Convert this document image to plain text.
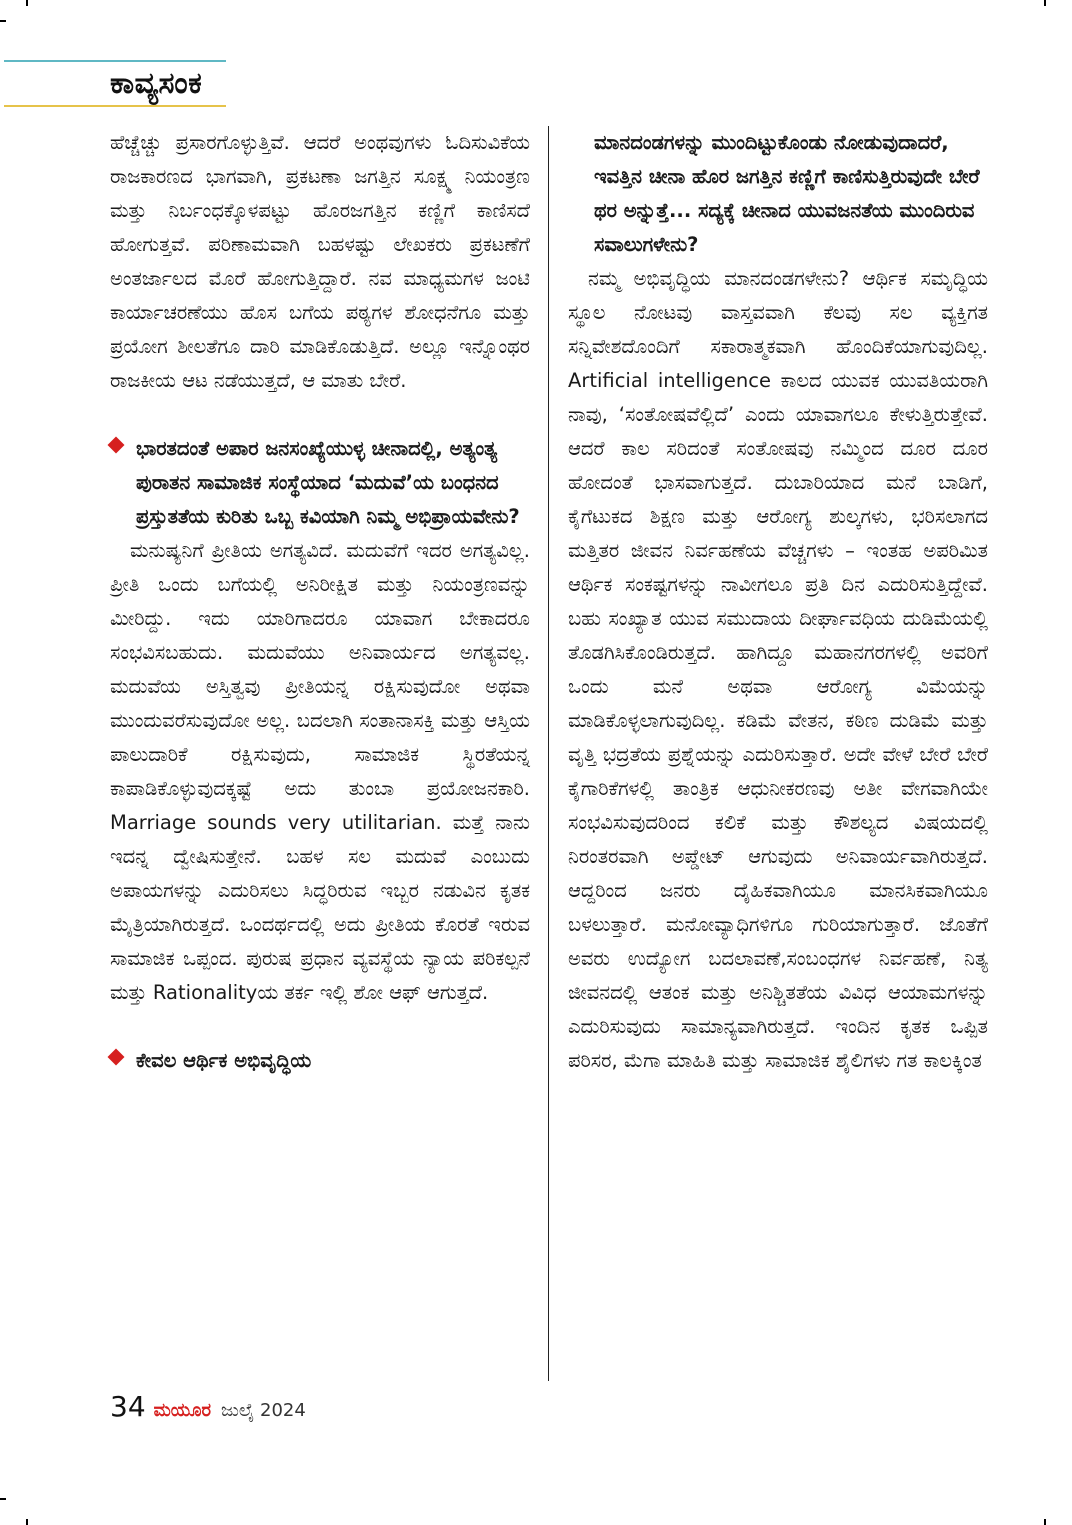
ಕಾವ್ಯಸಂಕ

ಹೆಚ್ಚೆಚ್ಚು ಪ್ರಸಾರಗೊಳ್ಳುತ್ತಿವೆ. ಆದರೆ ಅಂಥವುಗಳು ಓದಿಸುವಿಕೆಯ ರಾಜಕಾರಣದ ಭಾಗವಾಗಿ, ಪ್ರಕಟಣಾ ಜಗತ್ತಿನ ಸೂಕ್ಷ್ಮ ನಿಯಂತ್ರಣ ಮತ್ತು ನಿರ್ಬಂಧಕ್ಕೊಳಪಟ್ಟು ಹೊರಜಗತ್ತಿನ ಕಣ್ಣಿಗೆ ಕಾಣಿಸದೆ ಹೋಗುತ್ತವೆ. ಪರಿಣಾಮವಾಗಿ ಬಹಳಷ್ಟು ಲೇಖಕರು ಪ್ರಕಟಣೆಗೆ ಅಂತರ್ಜಾಲದ ಮೊರೆ ಹೋಗುತ್ತಿದ್ದಾರೆ. ನವ ಮಾಧ್ಯಮಗಳ ಜಂಟಿ ಕಾರ್ಯಾಚರಣೆಯು ಹೊಸ ಬಗೆಯ ಪಠ್ಯಗಳ ಶೋಧನೆಗೂ ಮತ್ತು ಪ್ರಯೋಗ ಶೀಲತೆಗೂ ದಾರಿ ಮಾಡಿಕೊಡುತ್ತಿದೆ. ಅಲ್ಲೂ ಇನ್ನೊಂಥರ ರಾಜಕೀಯ ಆಟ ನಡೆಯುತ್ತದೆ, ಆ ಮಾತು ಬೇರೆ.

ಭಾರತದಂತೆ ಅಪಾರ ಜನಸಂಖ್ಯೆಯುಳ್ಳ ಚೀನಾದಲ್ಲಿ, ಅತ್ಯಂತ್ಯ ಪುರಾತನ ಸಾಮಾಜಿಕ ಸಂಸ್ಥೆಯಾದ ‘ಮದುವೆ’ಯ ಬಂಧನದ ಪ್ರಸ್ತುತತೆಯ ಕುರಿತು ಒಬ್ಬ ಕವಿಯಾಗಿ ನಿಮ್ಮ ಅಭಿಪ್ರಾಯವೇನು?

ಮನುಷ್ಯನಿಗೆ ಪ್ರೀತಿಯ ಅಗತ್ಯವಿದೆ. ಮದುವೆಗೆ ಇದರ ಅಗತ್ಯವಿಲ್ಲ. ಪ್ರೀತಿ ಒಂದು ಬಗೆಯಲ್ಲಿ ಅನಿರೀಕ್ಷಿತ ಮತ್ತು ನಿಯಂತ್ರಣವನ್ನು ಮೀರಿದ್ದು. ಇದು ಯಾರಿಗಾದರೂ ಯಾವಾಗ ಬೇಕಾದರೂ ಸಂಭವಿಸಬಹುದು. ಮದುವೆಯು ಅನಿವಾರ್ಯದ ಅಗತ್ಯವಲ್ಲ. ಮದುವೆಯ ಅಸ್ತಿತ್ವವು ಪ್ರೀತಿಯನ್ನ ರಕ್ಷಿಸುವುದೋ ಅಥವಾ ಮುಂದುವರೆಸುವುದೋ ಅಲ್ಲ. ಬದಲಾಗಿ ಸಂತಾನಾಸಕ್ತಿ ಮತ್ತು ಆಸ್ತಿಯ ಪಾಲುದಾರಿಕೆ ರಕ್ಷಿಸುವುದು, ಸಾಮಾಜಿಕ ಸ್ಥಿರತೆಯನ್ನ ಕಾಪಾಡಿಕೊಳ್ಳುವುದಕ್ಕಷ್ಟೆ ಅದು ತುಂಬಾ ಪ್ರಯೋಜನಕಾರಿ. Marriage sounds very utilitarian. ಮತ್ತೆ ನಾನು ಇದನ್ನ ದ್ವೇಷಿಸುತ್ತೇನೆ. ಬಹಳ ಸಲ ಮದುವೆ ಎಂಬುದು ಅಪಾಯಗಳನ್ನು ಎದುರಿಸಲು ಸಿದ್ಧರಿರುವ ಇಬ್ಬರ ನಡುವಿನ ಕೃತಕ ಮೈತ್ರಿಯಾಗಿರುತ್ತದೆ. ಒಂದರ್ಥದಲ್ಲಿ ಅದು ಪ್ರೀತಿಯ ಕೊರತೆ ಇರುವ ಸಾಮಾಜಿಕ ಒಪ್ಪಂದ. ಪುರುಷ ಪ್ರಧಾನ ವ್ಯವಸ್ಥೆಯ ನ್ಯಾಯ ಪರಿಕಲ್ಪನೆ ಮತ್ತು Rationalityಯ ತರ್ಕ ಇಲ್ಲಿ ಶೋ ಆಫ್ ಆಗುತ್ತದೆ.

ಕೇವಲ ಆರ್ಥಿಕ ಅಭಿವೃದ್ಧಿಯ

ಮಾನದಂಡಗಳನ್ನು ಮುಂದಿಟ್ಟುಕೊಂಡು ನೋಡುವುದಾದರೆ, ಇವತ್ತಿನ ಚೀನಾ ಹೊರ ಜಗತ್ತಿನ ಕಣ್ಣಿಗೆ ಕಾಣಿಸುತ್ತಿರುವುದೇ ಬೇರೆ ಥರ ಅನ್ನುತ್ತೆ... ಸದ್ಯಕ್ಕೆ ಚೀನಾದ ಯುವಜನತೆಯ ಮುಂದಿರುವ ಸವಾಲುಗಳೇನು?

ನಮ್ಮ ಅಭಿವೃದ್ಧಿಯ ಮಾನದಂಡಗಳೇನು? ಆರ್ಥಿಕ ಸಮೃದ್ಧಿಯ ಸ್ಥೂಲ ನೋಟವು ವಾಸ್ತವವಾಗಿ ಕೆಲವು ಸಲ ವ್ಯಕ್ತಿಗತ ಸನ್ನಿವೇಶದೊಂದಿಗೆ ಸಕಾರಾತ್ಮಕವಾಗಿ ಹೊಂದಿಕೆಯಾಗುವುದಿಲ್ಲ. Artificial intelligence ಕಾಲದ ಯುವಕ ಯುವತಿಯರಾಗಿ ನಾವು, ‘ಸಂತೋಷವೆಲ್ಲಿದೆ’ ಎಂದು ಯಾವಾಗಲೂ ಕೇಳುತ್ತಿರುತ್ತೇವೆ. ಆದರೆ ಕಾಲ ಸರಿದಂತೆ ಸಂತೋಷವು ನಮ್ಮಿಂದ ದೂರ ದೂರ ಹೋದಂತೆ ಭಾಸವಾಗುತ್ತದೆ. ದುಬಾರಿಯಾದ ಮನೆ ಬಾಡಿಗೆ, ಕೈಗೆಟುಕದ ಶಿಕ್ಷಣ ಮತ್ತು ಆರೋಗ್ಯ ಶುಲ್ಕಗಳು, ಭರಿಸಲಾಗದ ಮತ್ತಿತರ ಜೀವನ ನಿರ್ವಹಣೆಯ ವೆಚ್ಚಗಳು – ಇಂತಹ ಅಪರಿಮಿತ ಆರ್ಥಿಕ ಸಂಕಷ್ಟಗಳನ್ನು ನಾವೀಗಲೂ ಪ್ರತಿ ದಿನ ಎದುರಿಸುತ್ತಿದ್ದೇವೆ. ಬಹು ಸಂಖ್ಯಾತ ಯುವ ಸಮುದಾಯ ದೀರ್ಘಾವಧಿಯ ದುಡಿಮೆಯಲ್ಲಿ ತೊಡಗಿಸಿಕೊಂಡಿರುತ್ತದೆ. ಹಾಗಿದ್ದೂ ಮಹಾನಗರಗಳಲ್ಲಿ ಅವರಿಗೆ ಒಂದು ಮನೆ ಅಥವಾ ಆರೋಗ್ಯ ವಿಮೆಯನ್ನು ಮಾಡಿಕೊಳ್ಳಲಾಗುವುದಿಲ್ಲ. ಕಡಿಮೆ ವೇತನ, ಕಠಿಣ ದುಡಿಮೆ ಮತ್ತು ವೃತ್ತಿ ಭದ್ರತೆಯ ಪ್ರಶ್ನೆಯನ್ನು ಎದುರಿಸುತ್ತಾರೆ. ಅದೇ ವೇಳೆ ಬೇರೆ ಬೇರೆ ಕೈಗಾರಿಕೆಗಳಲ್ಲಿ ತಾಂತ್ರಿಕ ಆಧುನೀಕರಣವು ಅತೀ ವೇಗವಾಗಿಯೇ ಸಂಭವಿಸುವುದರಿಂದ ಕಲಿಕೆ ಮತ್ತು ಕೌಶಲ್ಯದ ವಿಷಯದಲ್ಲಿ ನಿರಂತರವಾಗಿ ಅಪ್ಡೇಟ್ ಆಗುವುದು ಅನಿವಾರ್ಯವಾಗಿರುತ್ತದೆ. ಆದ್ದರಿಂದ ಜನರು ದೈಹಿಕವಾಗಿಯೂ ಮಾನಸಿಕವಾಗಿಯೂ ಬಳಲುತ್ತಾರೆ. ಮನೋವ್ಯಾಧಿಗಳಿಗೂ ಗುರಿಯಾಗುತ್ತಾರೆ. ಜೊತೆಗೆ ಅವರು ಉದ್ಯೋಗ ಬದಲಾವಣೆ,ಸಂಬಂಧಗಳ ನಿರ್ವಹಣೆ, ನಿತ್ಯ ಜೀವನದಲ್ಲಿ ಆತಂಕ ಮತ್ತು ಅನಿಶ್ಚಿತತೆಯ ವಿವಿಧ ಆಯಾಮಗಳನ್ನು ಎದುರಿಸುವುದು ಸಾಮಾನ್ಯವಾಗಿರುತ್ತದೆ. ಇಂದಿನ ಕೃತಕ ಒಪ್ಪಿತ ಪರಿಸರ, ಮೆಗಾ ಮಾಹಿತಿ ಮತ್ತು ಸಾಮಾಜಿಕ ಶೈಲಿಗಳು ಗತ ಕಾಲಕ್ಕಿಂತ

34 ಮಯೂರ ಜುಲೈ 2024
